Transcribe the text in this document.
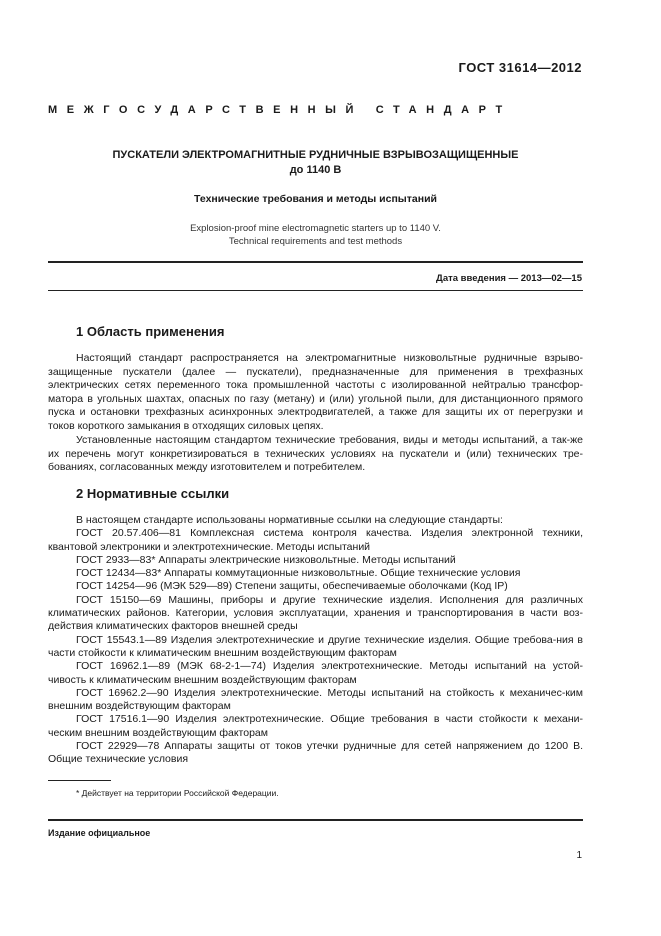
ГОСТ 31614—2012
МЕЖГОСУДАРСТВЕННЫЙ СТАНДАРТ
ПУСКАТЕЛИ ЭЛЕКТРОМАГНИТНЫЕ РУДНИЧНЫЕ ВЗРЫВОЗАЩИЩЕННЫЕ
до 1140 В
Технические требования и методы испытаний
Explosion-proof mine electromagnetic starters up to 1140 V.
Technical requirements and test methods
Дата введения — 2013—02—15
1 Область применения

Настоящий стандарт распространяется на электромагнитные низковольтные рудничные взрыво-защищенные пускатели (далее — пускатели), предназначенные для применения в трехфазных электрических сетях переменного тока промышленной частоты с изолированной нейтралью трансфор-матора в угольных шахтах, опасных по газу (метану) и (или) угольной пыли, для дистанционного прямого пуска и остановки трехфазных асинхронных электродвигателей, а также для защиты их от перегрузки и токов короткого замыкания в отходящих силовых цепях.

Установленные настоящим стандартом технические требования, виды и методы испытаний, а так-же их перечень могут конкретизироваться в технических условиях на пускатели и (или) технических тре-бованиях, согласованных между изготовителем и потребителем.

2 Нормативные ссылки

В настоящем стандарте использованы нормативные ссылки на следующие стандарты:

ГОСТ 20.57.406—81 Комплексная система контроля качества. Изделия электронной техники, квантовой электроники и электротехнические. Методы испытаний

ГОСТ 2933—83* Аппараты электрические низковольтные. Методы испытаний

ГОСТ 12434—83* Аппараты коммутационные низковольтные. Общие технические условия

ГОСТ 14254—96 (МЭК 529—89) Степени защиты, обеспечиваемые оболочками (Код IP)

ГОСТ 15150—69 Машины, приборы и другие технические изделия. Исполнения для различных климатических районов. Категории, условия эксплуатации, хранения и транспортирования в части воз-действия климатических факторов внешней среды

ГОСТ 15543.1—89 Изделия электротехнические и другие технические изделия. Общие требова-ния в части стойкости к климатическим внешним воздействующим факторам

ГОСТ 16962.1—89 (МЭК 68-2-1—74) Изделия электротехнические. Методы испытаний на устой-чивость к климатическим внешним воздействующим факторам

ГОСТ 16962.2—90 Изделия электротехнические. Методы испытаний на стойкость к механичес-ким внешним воздействующим факторам

ГОСТ 17516.1—90 Изделия электротехнические. Общие требования в части стойкости к механи-ческим внешним воздействующим факторам

ГОСТ 22929—78 Аппараты защиты от токов утечки рудничные для сетей напряжением до 1200 В. Общие технические условия

* Действует на территории Российской Федерации.
Издание официальное
1
